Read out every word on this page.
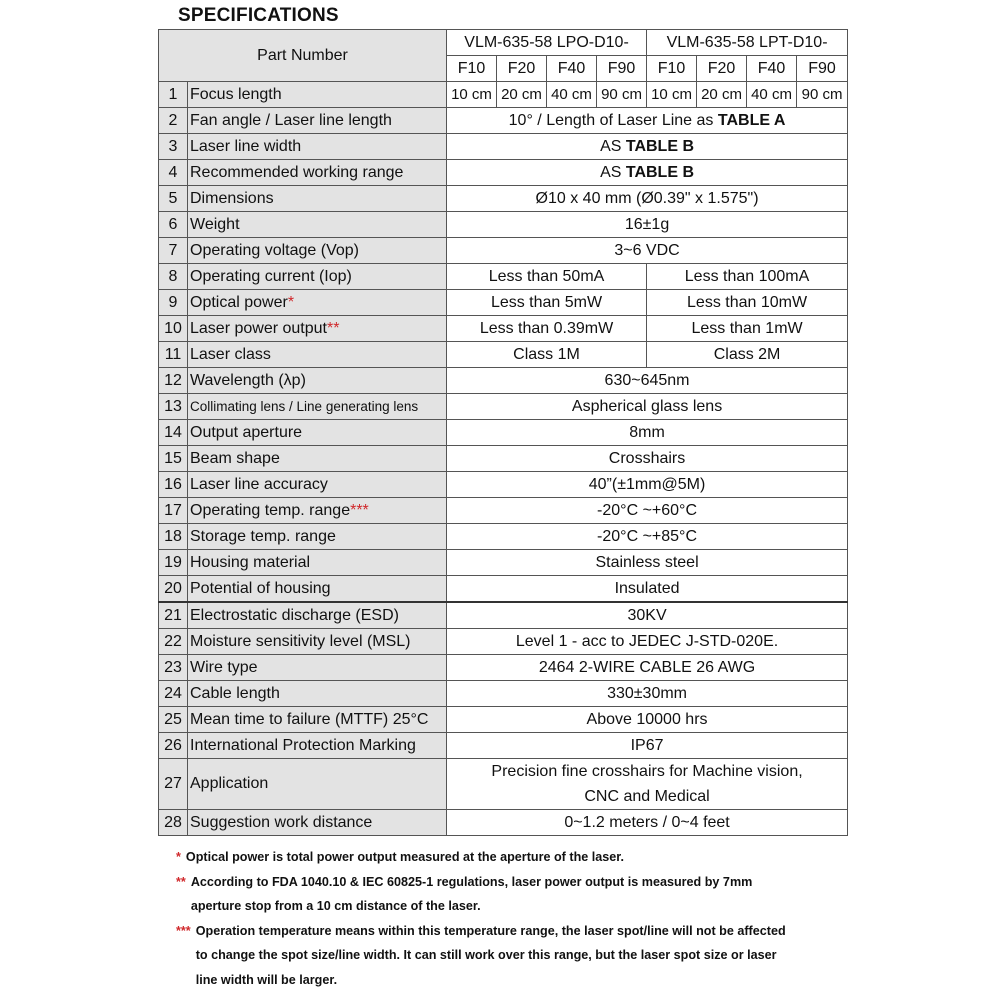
SPECIFICATIONS
Part Number		VLM-635-58 LPO-D10-				VLM-635-58 LPT-D10-			
		F10	F20	F40	F90	F10	F20	F40	F90
1	Focus length	10 cm	20 cm	40 cm	90 cm	10 cm	20 cm	40 cm	90 cm
2	Fan angle / Laser line length	10° / Length of Laser Line as TABLE A							
3	Laser line width	AS TABLE B							
4	Recommended working range	AS TABLE B							
5	Dimensions	Ø10 x 40 mm (Ø0.39" x 1.575")							
6	Weight	16±1g							
7	Operating voltage (Vop)	3~6 VDC							
8	Operating current (Iop)	Less than 50mA				Less than 100mA			
9	Optical power*	Less than 5mW				Less than 10mW			
10	Laser power output**	Less than 0.39mW				Less than 1mW			
11	Laser class	Class 1M				Class 2M			
12	Wavelength (λp)	630~645nm							
13	Collimating lens / Line generating lens	Aspherical glass lens							
14	Output aperture	8mm							
15	Beam shape	Crosshairs							
16	Laser line accuracy	40”(±1mm@5M)							
17	Operating temp. range***	-20°C ~+60°C							
18	Storage temp. range	-20°C ~+85°C							
19	Housing material	Stainless steel							
20	Potential of housing	Insulated							
21	Electrostatic discharge (ESD)	30KV							
22	Moisture sensitivity level (MSL)	Level 1 - acc to JEDEC J-STD-020E.							
23	Wire type	2464 2-WIRE CABLE 26 AWG							
24	Cable length	330±30mm							
25	Mean time to failure (MTTF) 25°C	Above 10000 hrs							
26	International Protection Marking	IP67							
27	Application	Precision fine crosshairs for Machine vision,
CNC and Medical							

28	Suggestion work distance	0~1.2 meters / 0~4 feet							
* Optical power is total power output measured at the aperture of the laser.
** According to FDA 1040.10 & IEC 60825-1 regulations, laser power output is measured by 7mm
aperture stop from a 10 cm distance of the laser.
*** Operation temperature means within this temperature range, the laser spot/line will not be affected
to change the spot size/line width. It can still work over this range, but the laser spot size or laser
line width will be larger.
